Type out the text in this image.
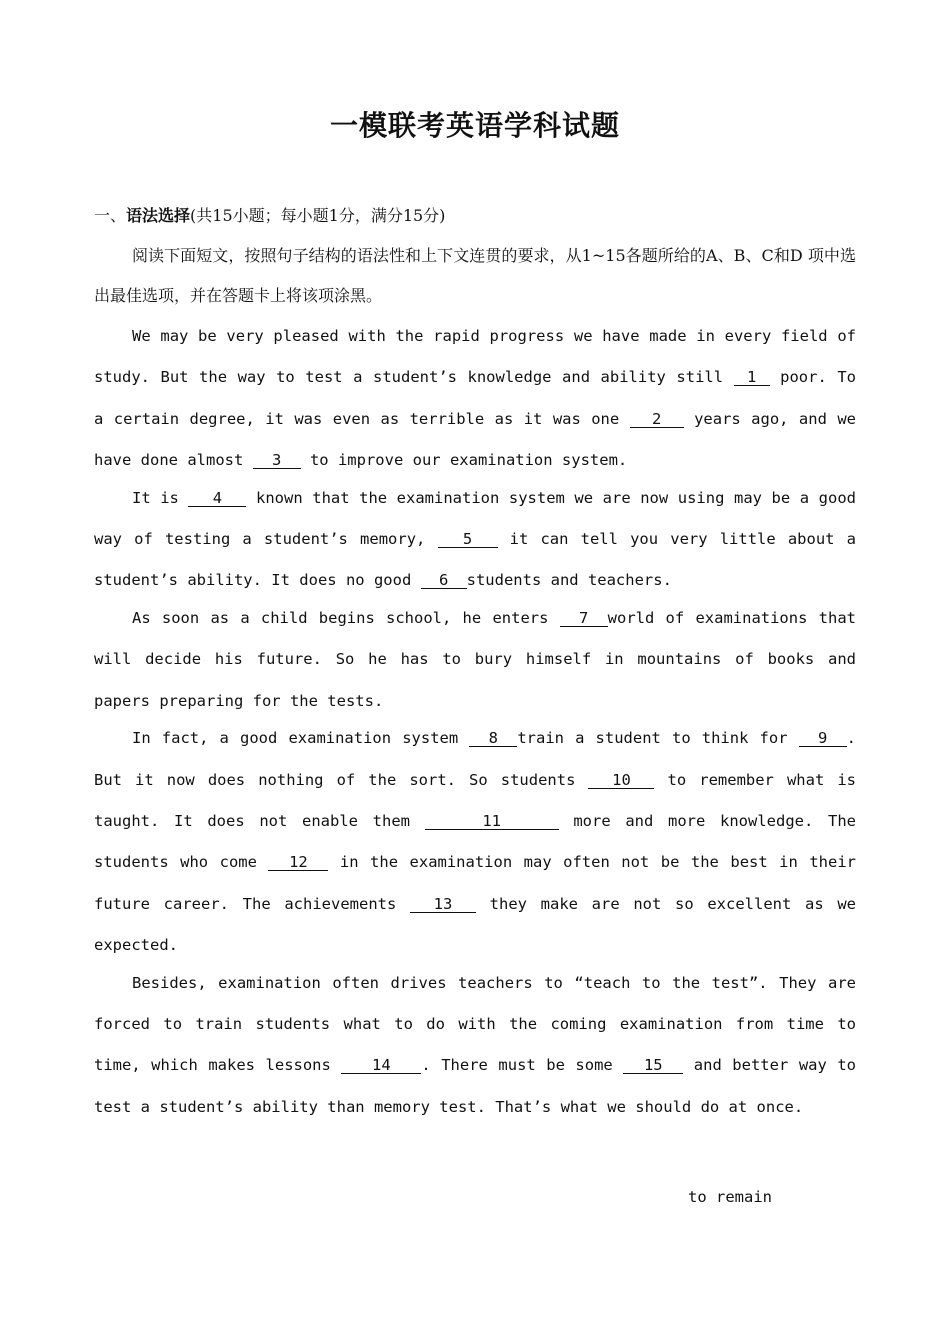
一模联考英语学科试题
一、语法选择(共15小题；每小题1分，满分15分)
阅读下面短文，按照句子结构的语法性和上下文连贯的要求，从1~15各题所给的A、B、C和D 项中选出最佳选项，并在答题卡上将该项涂黑。

We may be very pleased with the rapid progress we have made in every field of study. But the way to test a student’s knowledge and ability still 1 poor. To a certain degree, it was even as terrible as it was one 2 years ago, and we have done almost 3 to improve our examination system.

It is 4 known that the examination system we are now using may be a good way of testing a student’s memory, 5 it can tell you very little about a student’s ability. It does no good 6 students and teachers.

As soon as a child begins school, he enters 7 world of examinations that will decide his future. So he has to bury himself in mountains of books and papers preparing for the tests.

In fact, a good examination system 8 train a student to think for 9 . But it now does nothing of the sort. So students 10 to remember what is taught. It does not enable them	11	more and more knowledge. The students who come 12 in the examination may often not be the best in their future career. The achievements 13 they make are not so excellent as we expected.

Besides, examination often drives teachers to “teach to the test”. They are forced to train students what to do with the coming examination from time to time, which makes lessons 14 . There must be some 15 and better way to test a student’s ability than memory test. That’s what we should do at once.

to remain
